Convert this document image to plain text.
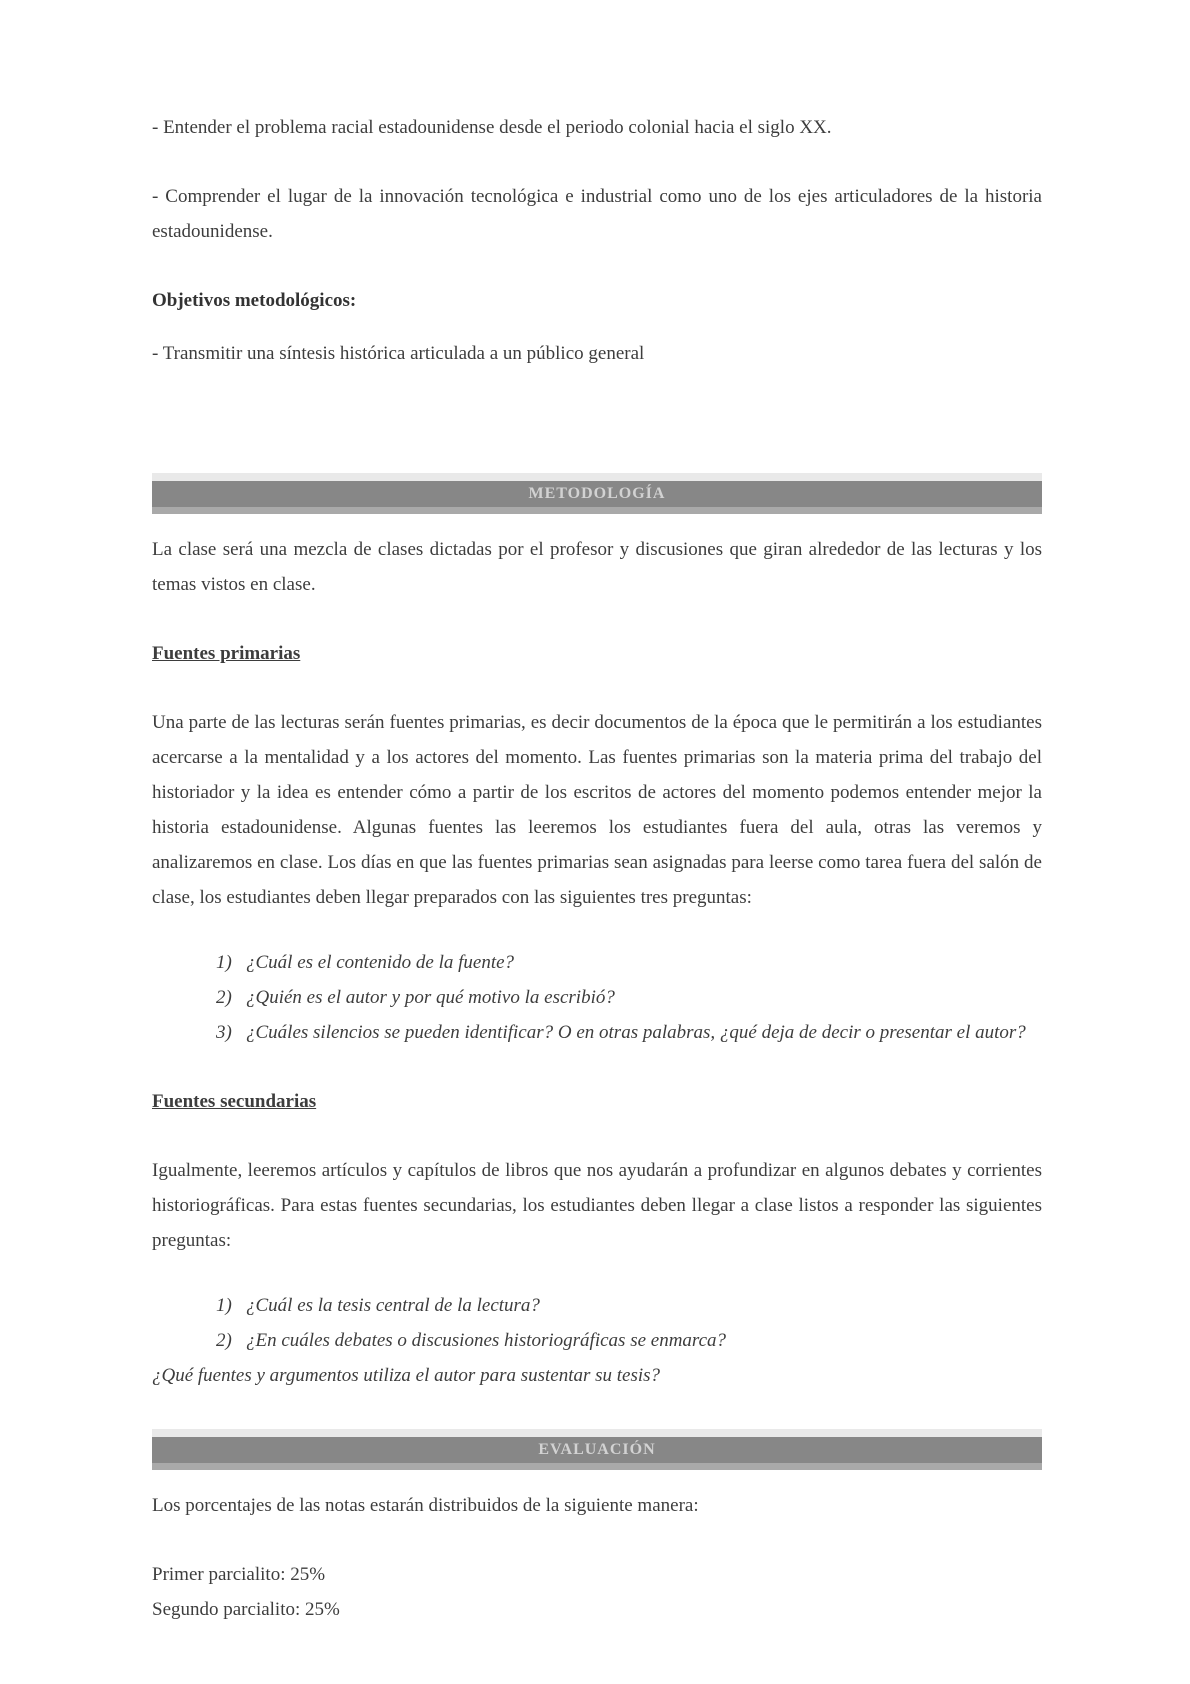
- Entender el problema racial estadounidense desde el periodo colonial hacia el siglo XX.

- Comprender el lugar de la innovación tecnológica e industrial como uno de los ejes articuladores de la historia estadounidense.

Objetivos metodológicos:

- Transmitir una síntesis histórica articulada a un público general

METODOLOGÍA

La clase será una mezcla de clases dictadas por el profesor y discusiones que giran alrededor de las lecturas y los temas vistos en clase.

Fuentes primarias

Una parte de las lecturas serán fuentes primarias, es decir documentos de la época que le permitirán a los estudiantes acercarse a la mentalidad y a los actores del momento. Las fuentes primarias son la materia prima del trabajo del historiador y la idea es entender cómo a partir de los escritos de actores del momento podemos entender mejor la historia estadounidense. Algunas fuentes las leeremos los estudiantes fuera del aula, otras las veremos y analizaremos en clase. Los días en que las fuentes primarias sean asignadas para leerse como tarea fuera del salón de clase, los estudiantes deben llegar preparados con las siguientes tres preguntas:

¿Cuál es el contenido de la fuente?
¿Quién es el autor y por qué motivo la escribió?
¿Cuáles silencios se pueden identificar? O en otras palabras, ¿qué deja de decir o presentar el autor?

Fuentes secundarias

Igualmente, leeremos artículos y capítulos de libros que nos ayudarán a profundizar en algunos debates y corrientes historiográficas. Para estas fuentes secundarias, los estudiantes deben llegar a clase listos a responder las siguientes preguntas:

¿Cuál es la tesis central de la lectura?
¿En cuáles debates o discusiones historiográficas se enmarca?

¿Qué fuentes y argumentos utiliza el autor para sustentar su tesis?

EVALUACIÓN

Los porcentajes de las notas estarán distribuidos de la siguiente manera:

Primer parcialito: 25%

Segundo parcialito: 25%
